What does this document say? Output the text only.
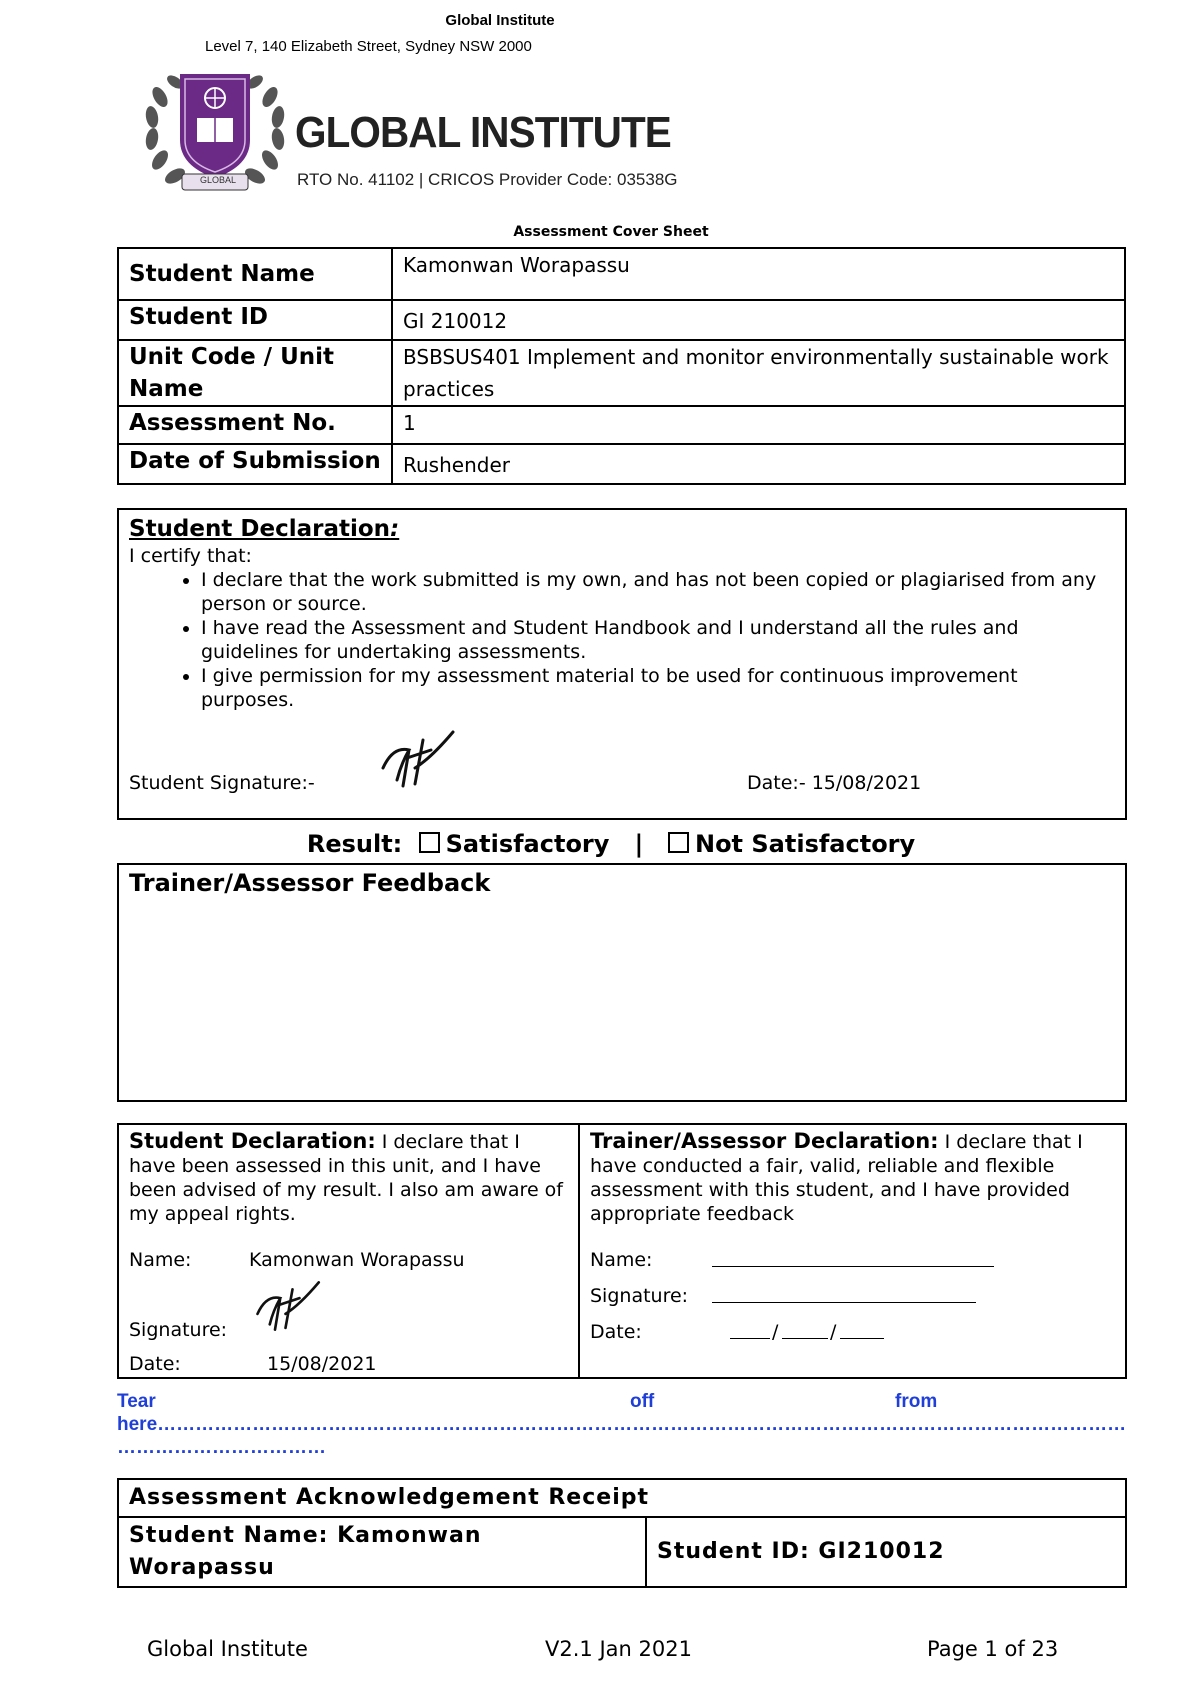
Global Institute
Level 7, 140 Elizabeth Street, Sydney NSW 2000
GLOBAL
GLOBAL INSTITUTE
RTO No. 41102 | CRICOS Provider Code: 03538G
Assessment Cover Sheet
Student Name	Kamonwan Worapassu
Student ID	GI 210012
Unit Code / Unit Name	BSBSUS401 Implement and monitor environmentally sustainable work practices
Assessment No.	1

Date of Submission	Rushender
Student Declaration:
I certify that:
• I declare that the work submitted is my own, and has not been copied or plagiarised from any person or source.
• I have read the Assessment and Student Handbook and I understand all the rules and guidelines for undertaking assessments.
• I give permission for my assessment material to be used for continuous improvement purposes.
Student Signature:-	Date:- 15/08/2021
Result: Satisfactory | Not Satisfactory
Trainer/Assessor Feedback
Student Declaration: I declare that I have been assessed in this unit, and I have been advised of my result. I also am aware of my appeal rights.
Name:	Kamonwan Worapassu
Signature:
Date:	15/08/2021
Trainer/Assessor Declaration: I declare that I have conducted a fair, valid, reliable and flexible assessment with this student, and I have provided appropriate feedback
Name:
Signature:
Date:	/	/
Tear	off	from
here………………………………………………………………………………………………………………………………………
……………………………
Assessment Acknowledgement Receipt
Student Name: Kamonwan Worapassu	Student ID: GI210012
Global Institute	V2.1 Jan 2021	Page 1 of 23
